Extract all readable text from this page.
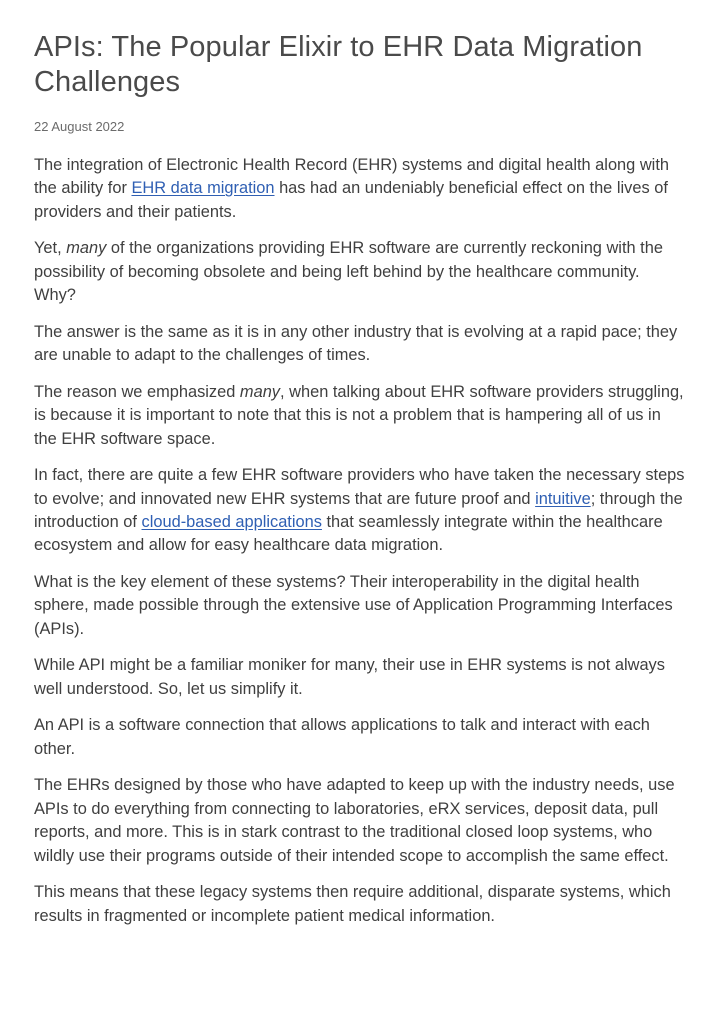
APIs: The Popular Elixir to EHR Data Migration Challenges
22 August 2022

The integration of Electronic Health Record (EHR) systems and digital health along with the ability for EHR data migration has had an undeniably beneficial effect on the lives of providers and their patients.

Yet, many of the organizations providing EHR software are currently reckoning with the possibility of becoming obsolete and being left behind by the healthcare community. Why?

The answer is the same as it is in any other industry that is evolving at a rapid pace; they are unable to adapt to the challenges of times.

The reason we emphasized many, when talking about EHR software providers struggling, is because it is important to note that this is not a problem that is hampering all of us in the EHR software space.

In fact, there are quite a few EHR software providers who have taken the necessary steps to evolve; and innovated new EHR systems that are future proof and intuitive; through the introduction of cloud-based applications that seamlessly integrate within the healthcare ecosystem and allow for easy healthcare data migration.

What is the key element of these systems? Their interoperability in the digital health sphere, made possible through the extensive use of Application Programming Interfaces (APIs).

While API might be a familiar moniker for many, their use in EHR systems is not always well understood. So, let us simplify it.

An API is a software connection that allows applications to talk and interact with each other.

The EHRs designed by those who have adapted to keep up with the industry needs, use APIs to do everything from connecting to laboratories, eRX services, deposit data, pull reports, and more. This is in stark contrast to the traditional closed loop systems, who wildly use their programs outside of their intended scope to accomplish the same effect.

This means that these legacy systems then require additional, disparate systems, which results in fragmented or incomplete patient medical information.
